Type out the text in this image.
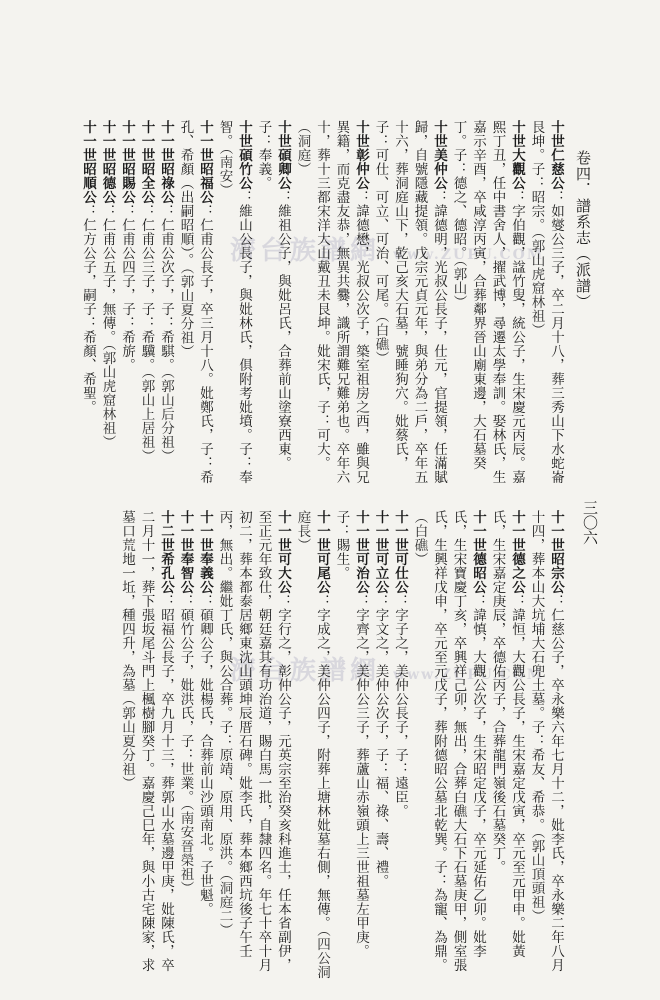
卷四．譜系志（派譜）
三〇六
濟台族譜網 www.ZUPU.COM
濟台族譜網 www.ZUPU.COM

十世仁慈公：如燮公三子，卒二月十八，葬三秀山下水蛇崙艮坤。子：昭宗。（郭山虎窟林祖）

十世大觀公：字伯觀，諡竹叟，統公子，生宋慶元丙辰。嘉熙丁丑，任中書舍人，擢武博，尋遷太學奉訓。娶林氏，生嘉示辛酉，卒咸淳丙寅，合葬鄰界晉山廟東邊，大石墓癸丁。子：德之、德昭。（郭山）

十世美仲公：諱德明，光叔公長子，仕元，官提領，任滿賦歸，自號隱藏提領。戊宗元貞元年，與弟分為二戶，卒年五十六，葬洞庭山下，乾己亥大石墓，號睡狗穴。妣蔡氏，子：可仕、可立、可治、可尾。（白礁）

十世彰仲公：諱德懋，光叔公次子，築室祖房之西，雖與兄異籍，而克盡友恭，無異共爨，識所謂難兄難弟也。卒年六十，葬十三都宋洋大山戴丑未艮坤。妣宋氏，子：可大。（洞庭）

十世碩卿公：維祖公子，與妣呂氏，合葬前山塗寮西東。子：奉義。

十世碩竹公：維山公長子，與妣林氏，俱附考妣墳。子：奉智。（南安）

十一世昭福公：仁甫公長子，卒三月十八。妣鄭氏，子：希孔、希顏（出嗣昭順）。（郭山夏分祖）

十一世昭祿公：仁甫公次子，子：希騏。（郭山后分祖）

十一世昭全公：仁甫公三子，子：希驥。（郭山上居祖）

十一世昭賜公：仁甫公四子，子：希旂。

十一世昭德公：仁甫公五子，無傳。（郭山虎窟林祖）

十一世昭順公：仁方公子，嗣子：希顏、希聖。

十一世昭宗公：仁慈公子，卒永樂六年七月十二，妣李氏，卒永樂二年八月十四，葬本山大坑埔大石兜土墓。子：希友、希恭。（郭山頂頭祖）

十一世德之公：諱恒，大觀公長子，生宋嘉定戊寅，卒元至元甲申。妣黃氏，生宋嘉定庚辰，卒德佑丙子，合葬龍門嶺後石墓癸丁。

十一世德昭公：諱慎，大觀公次子，生宋昭定戊子，卒元延佑乙卯。妣李氏，生宋寶慶丁亥，卒興祥己卯，無出，合葬白礁大石下石墓庚甲，側室張氏，生興祥戊申，卒元至元戊子，葬附德昭公墓北乾巽。子：為寵、為鼎。（白礁）

十一世可仕公：字子之，美仲公長子，子：遠臣。

十一世可立公：字文之，美仲公次子，子：福、祿、壽、禮。

十一世可治公：字齊之，美仲公三子，葬蘆山赤嶺頭上三世祖墓左甲庚。子：賜生。

十一世可尾公：字成之，美仲公四子，附葬上塘林妣墓右側，無傳。（四公洞庭長）

十一世可大公：字行之，彰仲公子，元英宗至治癸亥科進士，任本省副伊，至正元年致仕，朝廷嘉其有功治道，賜白馬一批，自隸四名。年七十卒十月初二，葬本都泰居鄉東沈山頭坤辰厝石碑。妣李氏，葬本鄉西坑後子午壬丙，無出。繼妣丁氏，與公合葬。子：原靖、原用、原洪。（洞庭二）

十一世奉義公：碩卿公子，妣楊氏，合葬前山沙頭南北。子世魁。

十一世奉智公：碩竹公子，妣洪氏，子：世業。（南安晉榮祖）

十二世希孔公：昭福公長子，卒九月十三，葬郭山水墓邊甲庚，妣陳氏，卒二月十一，葬下張坂尾斗門上楓樹腳癸丁。嘉慶己巳年，與小古宅陳家，求墓口荒地一坵，種四升，為墓（郭山夏分祖）
